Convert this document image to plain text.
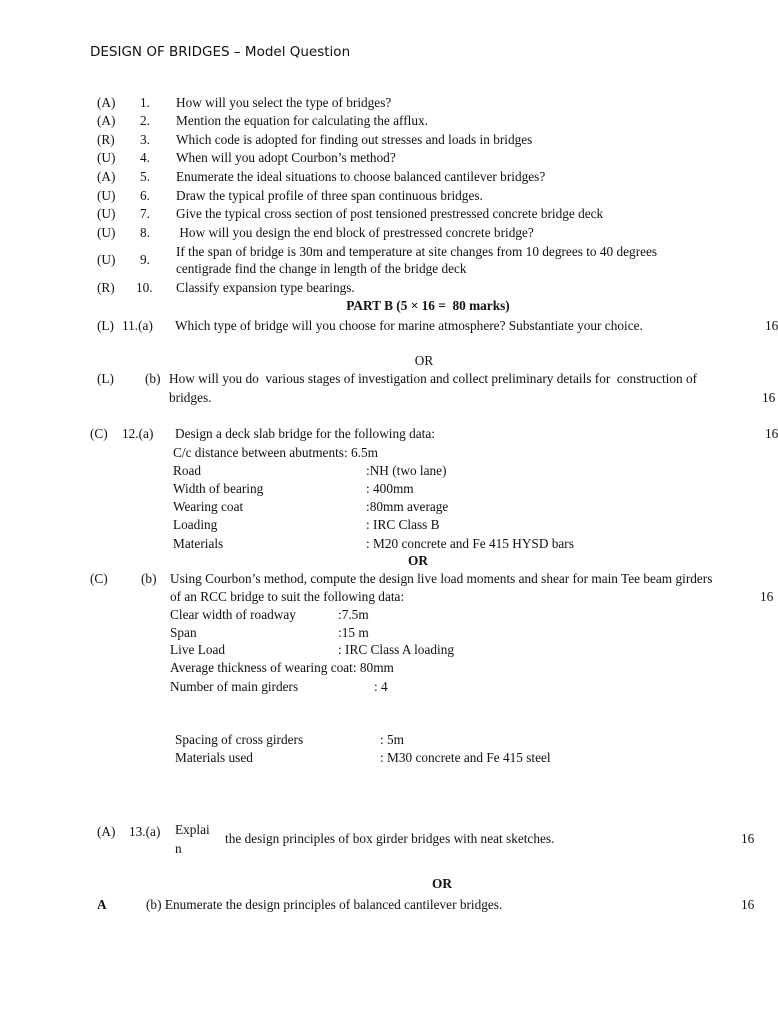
DESIGN OF BRIDGES – Model Question
(A) 1. How will you select the type of bridges?
(A) 2. Mention the equation for calculating the afflux.
(R) 3. Which code is adopted for finding out stresses and loads in bridges
(U) 4. When will you adopt Courbon’s method?
(A) 5. Enumerate the ideal situations to choose balanced cantilever bridges?
(U) 6. Draw the typical profile of three span continuous bridges.
(U) 7. Give the typical cross section of post tensioned prestressed concrete bridge deck
(U) 8. How will you design the end block of prestressed concrete bridge?
(U) 9.
If the span of bridge is 30m and temperature at site changes from 10 degrees to 40 degrees
centigrade find the change in length of the bridge deck
(R) 10. Classify expansion type bearings.
PART B (5 × 16 =  80 marks)
(L) 11.(a) Which type of bridge will you choose for marine atmosphere? Substantiate your choice.	16
OR
(L) (b) How will you do  various stages of investigation and collect preliminary details for  construction of
bridges.	16
(C) 12.(a) Design a deck slab bridge for the following data:	16
C/c distance between abutments: 6.5m
Road	:NH (two lane)
Width of bearing	: 400mm
Wearing coat	:80mm average
Loading	: IRC Class B
Materials	: M20 concrete and Fe 415 HYSD bars
OR
(C)	(b) Using Courbon’s method, compute the design live load moments and shear for main Tee beam girders
of an RCC bridge to suit the following data:	16
Clear width of roadway	:7.5m
Span	:15 m
Live Load	: IRC Class A loading
Average thickness of wearing coat: 80mm
Number of main girders	: 4
Spacing of cross girders	: 5m
Materials used	: M30 concrete and Fe 415 steel
(A) 13.(a) Explai
n
the design principles of box girder bridges with neat sketches.	16
OR
A	(b) Enumerate the design principles of balanced cantilever bridges.	16
